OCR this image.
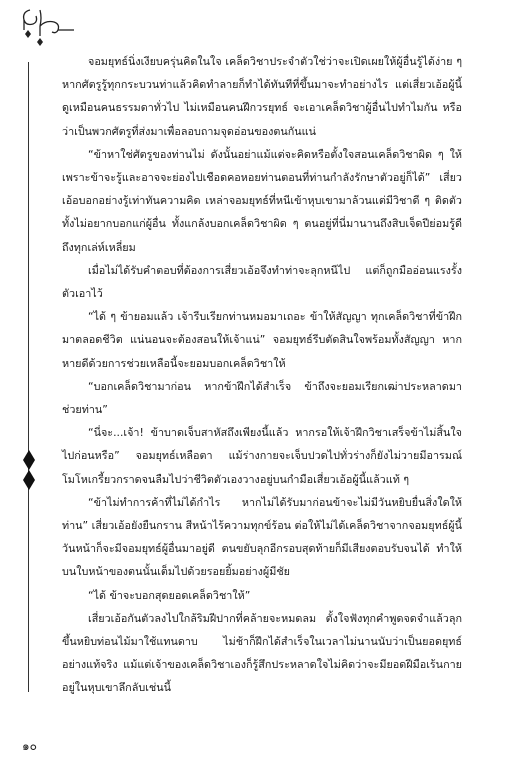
จอมยุทธ์นิ่งเงียบครุ่นคิดในใจ เคล็ดวิชาประจำตัวใช่ว่าจะเปิดเผยให้ผู้อื่นรู้ได้ง่าย ๆ หากศัตรูรู้ทุกกระบวนท่าแล้วคิดทำลายก็ทำได้ทันทีที่ขึ้นมาจะทำอย่างไร แต่เสี่ยวเอ้อผู้นี้ดูเหมือนคนธรรมดาทั่วไป ไม่เหมือนคนฝึกวรยุทธ์ จะเอาเคล็ดวิชาผู้อื่นไปทำไมกัน หรือว่าเป็นพวกศัตรูที่ส่งมาเพื่อลอบถามจุดอ่อนของตนกันแน่

“ข้าหาใช่ศัตรูของท่านไม่ ดังนั้นอย่าแม้แต่จะคิดหรือตั้งใจสอนเคล็ดวิชาผิด ๆ ให้ เพราะข้าจะรู้และอาจจะย่องไปเชือดคอหอยท่านตอนที่ท่านกำลังรักษาตัวอยู่ก็ได้” เสี่ยวเอ้อบอกอย่างรู้เท่าทันความคิด เหล่าจอมยุทธ์ที่หนีเข้าหุบเขามาล้วนแต่มีวิชาดี ๆ ติดตัว ทั้งไม่อยากบอกแก่ผู้อื่น ทั้งแกล้งบอกเคล็ดวิชาผิด ๆ ตนอยู่ที่นี่มานานถึงสิบเจ็ดปีย่อมรู้ดีถึงทุกเล่ห์เหลี่ยม

เมื่อไม่ได้รับคำตอบที่ต้องการเสี่ยวเอ้อจึงทำท่าจะลุกหนีไป แต่ก็ถูกมืออ่อนแรงรั้งตัวเอาไว้

“ได้ ๆ ข้ายอมแล้ว เจ้ารีบเรียกท่านหมอมาเถอะ ข้าให้สัญญา ทุกเคล็ดวิชาที่ข้าฝึกมาตลอดชีวิต แน่นอนจะต้องสอนให้เจ้าแน่” จอมยุทธ์รีบตัดสินใจพร้อมทั้งสัญญา หากหายดีด้วยการช่วยเหลือนี้จะยอมบอกเคล็ดวิชาให้

“บอกเคล็ดวิชามาก่อน หากข้าฝึกได้สำเร็จ ข้าถึงจะยอมเรียกเฒ่าประหลาดมาช่วยท่าน”

“นี่จะ...เจ้า! ข้าบาดเจ็บสาหัสถึงเพียงนี้แล้ว หากรอให้เจ้าฝึกวิชาเสร็จข้าไม่สิ้นใจไปก่อนหรือ” จอมยุทธ์เหลือตา แม้ร่างกายจะเจ็บปวดไปทั่วร่างก็ยังไม่วายมีอารมณ์โมโหเกรี้ยวกราดจนลืมไปว่าชีวิตตัวเองวางอยู่บนกำมือเสี่ยวเอ้อผู้นี้แล้วแท้ ๆ

“ข้าไม่ทำการค้าที่ไม่ได้กำไร หากไม่ได้รับมาก่อนข้าจะไม่มีวันหยิบยื่นสิ่งใดให้ท่าน” เสี่ยวเอ้อยังยืนกราน สีหน้าไร้ความทุกข์ร้อน ต่อให้ไม่ได้เคล็ดวิชาจากจอมยุทธ์ผู้นี้ วันหน้าก็จะมีจอมยุทธ์ผู้อื่นมาอยู่ดี ตนขยับลุกอีกรอบสุดท้ายก็มีเสียงตอบรับจนได้ ทำให้บนใบหน้าของตนนั้นเต็มไปด้วยรอยยิ้มอย่างผู้มีชัย

“ได้ ข้าจะบอกสุดยอดเคล็ดวิชาให้”

เสี่ยวเอ้อกันตัวลงไปใกล้ริมฝีปากที่คล้ายจะหมดลม ตั้งใจฟังทุกคำพูดจดจำแล้วลุกขึ้นหยิบท่อนไม้มาใช้แทนดาบ ไม่ช้าก็ฝึกได้สำเร็จในเวลาไม่นานนับว่าเป็นยอดยุทธ์อย่างแท้จริง แม้แต่เจ้าของเคล็ดวิชาเองก็รู้สึกประหลาดใจไม่คิดว่าจะมียอดฝีมือเร้นกายอยู่ในหุบเขาลึกลับเช่นนี้

๑๐
